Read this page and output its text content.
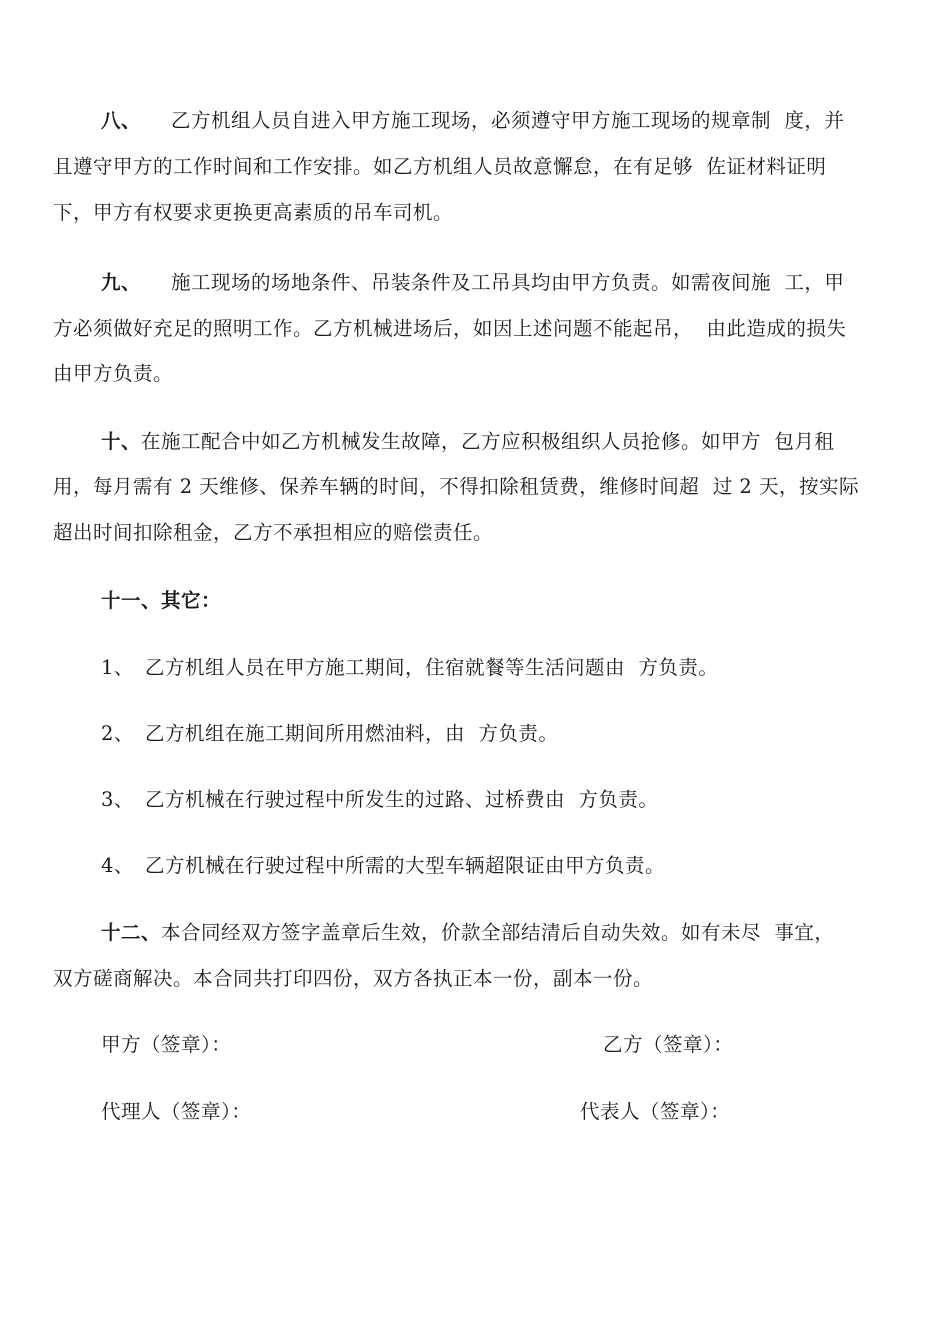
八、 乙方机组人员自进入甲方施工现场，必须遵守甲方施工现场的规章制  度，并
且遵守甲方的工作时间和工作安排。如乙方机组人员故意懈怠，在有足够  佐证材料证明
下，甲方有权要求更换更高素质的吊车司机。
九、 施工现场的场地条件、吊装条件及工吊具均由甲方负责。如需夜间施  工，甲
方必须做好充足的照明工作。乙方机械进场后，如因上述问题不能起吊，  由此造成的损失
由甲方负责。
十、在施工配合中如乙方机械发生故障，乙方应积极组织人员抢修。如甲方  包月租
用，每月需有 2 天维修、保养车辆的时间，不得扣除租赁费，维修时间超  过 2 天，按实际
超出时间扣除租金，乙方不承担相应的赔偿责任。
十一、其它：
1、 乙方机组人员在甲方施工期间，住宿就餐等生活问题由  方负责。
2、 乙方机组在施工期间所用燃油料，由  方负责。
3、 乙方机械在行驶过程中所发生的过路、过桥费由  方负责。
4、 乙方机械在行驶过程中所需的大型车辆超限证由甲方负责。
十二、本合同经双方签字盖章后生效，价款全部结清后自动失效。如有未尽  事宜，
双方磋商解决。本合同共打印四份，双方各执正本一份，副本一份。
甲方（签章）：	乙方（签章）：
代理人（签章）：	代表人（签章）：
